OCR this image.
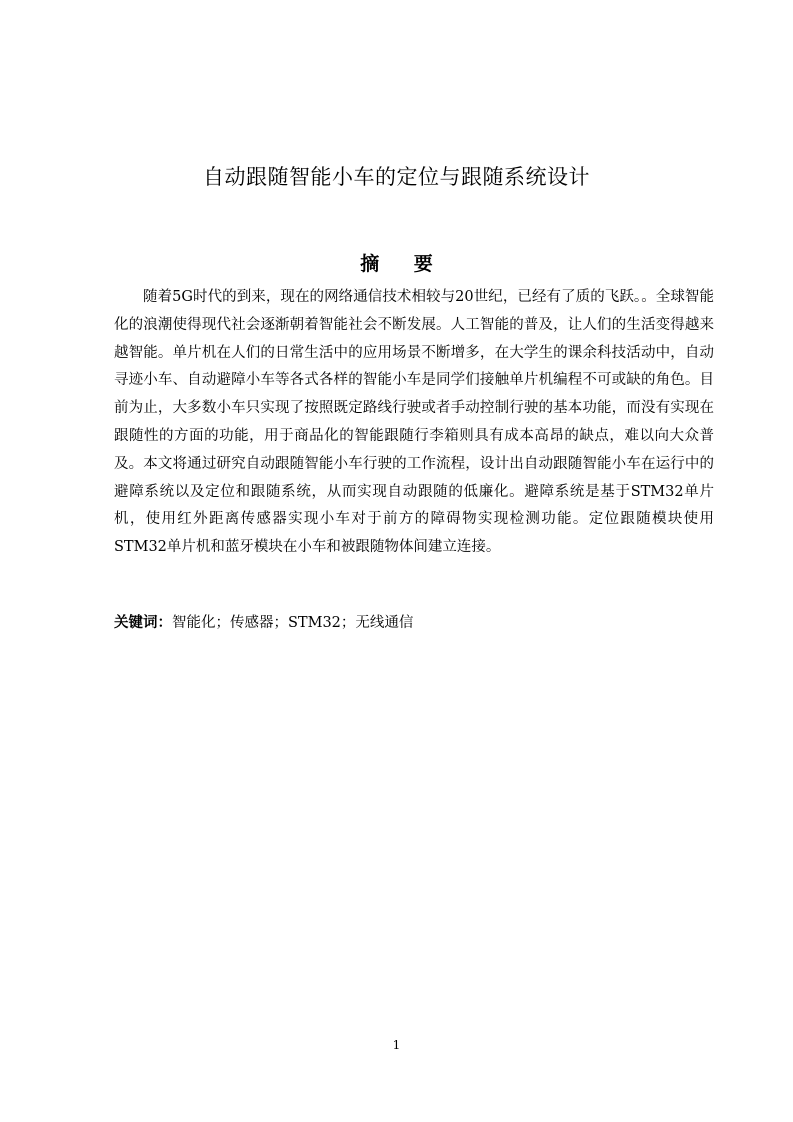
自动跟随智能小车的定位与跟随系统设计
摘 要

随着5G时代的到来，现在的网络通信技术相较与20世纪，已经有了质的飞跃。。全球智能化的浪潮使得现代社会逐渐朝着智能社会不断发展。人工智能的普及，让人们的生活变得越来越智能。单片机在人们的日常生活中的应用场景不断增多，在大学生的课余科技活动中，自动寻迹小车、自动避障小车等各式各样的智能小车是同学们接触单片机编程不可或缺的角色。目前为止，大多数小车只实现了按照既定路线行驶或者手动控制行驶的基本功能，而没有实现在跟随性的方面的功能，用于商品化的智能跟随行李箱则具有成本高昂的缺点，难以向大众普及。本文将通过研究自动跟随智能小车行驶的工作流程，设计出自动跟随智能小车在运行中的避障系统以及定位和跟随系统，从而实现自动跟随的低廉化。避障系统是基于STM32单片机，使用红外距离传感器实现小车对于前方的障碍物实现检测功能。定位跟随模块使用STM32单片机和蓝牙模块在小车和被跟随物体间建立连接。

关键词：智能化；传感器；STM32；无线通信
1
